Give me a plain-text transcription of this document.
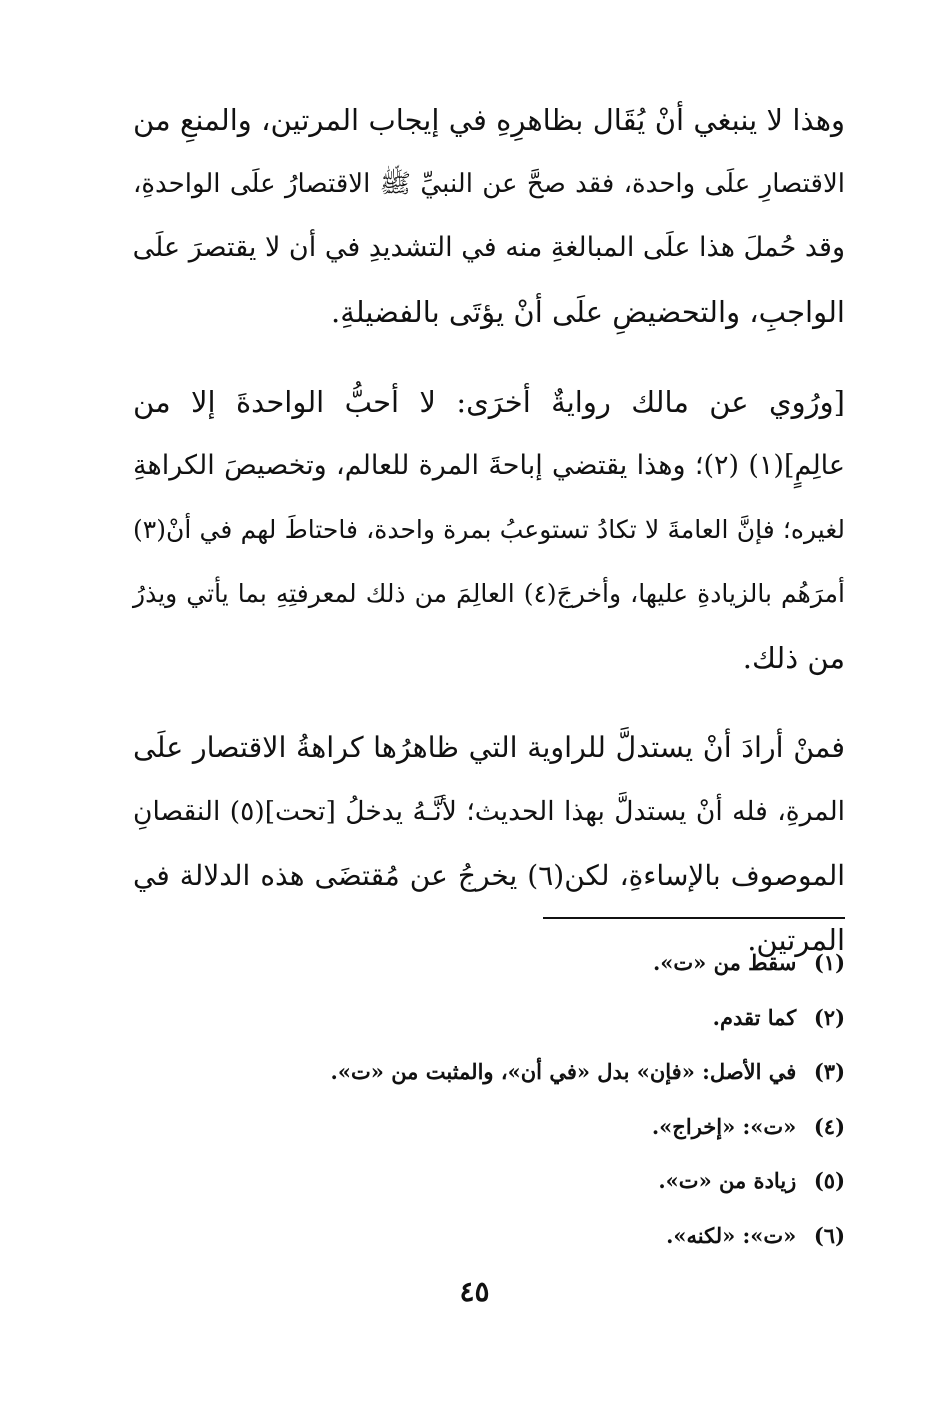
وهذا لا ينبغي أنْ يُقَال بظاهرِهِ في إيجاب المرتين، والمنعِ من
الاقتصارِ علَى واحدة، فقد صحَّ عن النبيِّ ﷺ الاقتصارُ علَى الواحدةِ،
وقد حُملَ هذا علَى المبالغةِ منه في التشديدِ في أن لا يقتصرَ علَى
الواجبِ، والتحضيضِ علَى أنْ يؤتَى بالفضيلةِ.
[ورُوي عن مالك روايةٌ أخرَى: لا أحبُّ الواحدةَ إلا من
عالِمٍ](١) (٢)؛ وهذا يقتضي إباحةَ المرة للعالم، وتخصيصَ الكراهةِ
لغيره؛ فإنَّ العامةَ لا تكادُ تستوعبُ بمرة واحدة، فاحتاطَ لهم في أنْ(٣)
أمرَهُم بالزيادةِ عليها، وأخرجَ(٤) العالِمَ من ذلك لمعرفتِهِ بما يأتي ويذرُ
من ذلك.
فمنْ أرادَ أنْ يستدلَّ للراوية التي ظاهرُها كراهةُ الاقتصار علَى
المرةِ، فله أنْ يستدلَّ بهذا الحديث؛ لأنَّـهُ يدخلُ [تحت](٥) النقصانِ
الموصوف بالإساءةِ، لكن(٦) يخرجُ عن مُقتضَى هذه الدلالة في
المرتين.
(١) سقط من «ت».
(٢) كما تقدم.
(٣) في الأصل: «فإن» بدل «في أن»، والمثبت من «ت».
(٤) «ت»: «إخراج».
(٥) زيادة من «ت».
(٦) «ت»: «لكنه».
٤٥
